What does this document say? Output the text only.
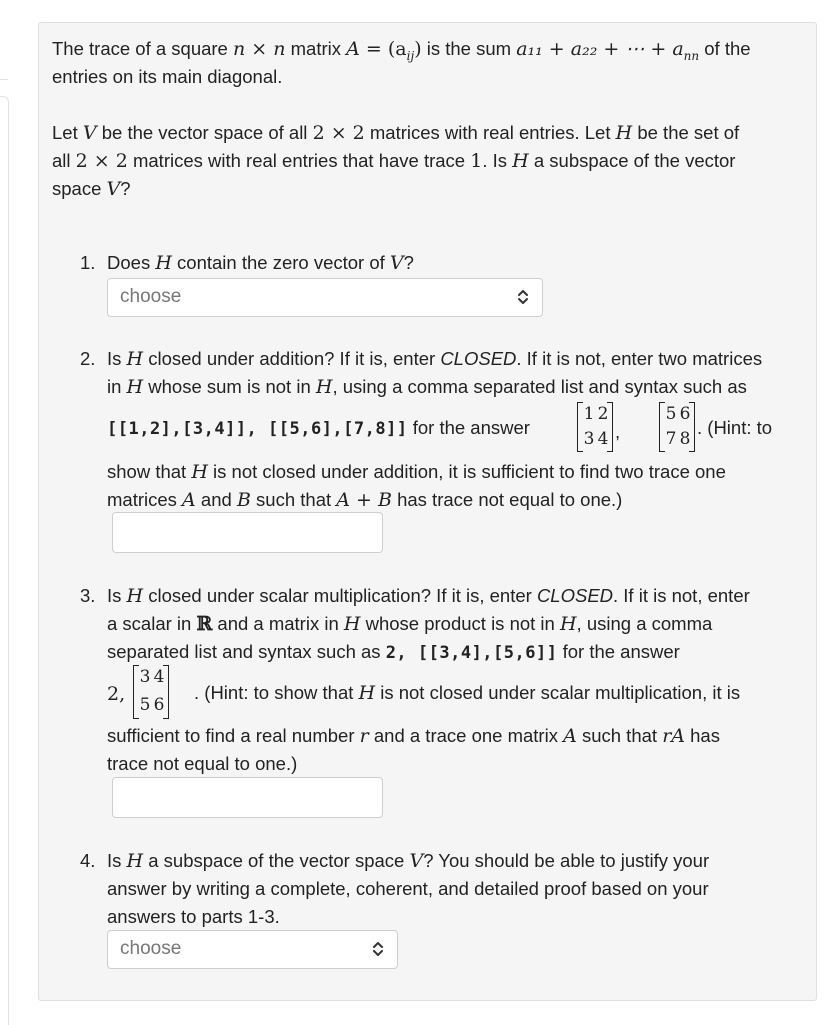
The trace of a square n × n matrix $A = (a_{ij})$ is the sum a₁₁ + a₂₂ + ⋯ + $a_{nn}$ of the
entries on its main diagonal.
Let V be the vector space of all 2 × 2 matrices with real entries. Let H be the set of
all 2 × 2 matrices with real entries that have trace 1. Is H a subspace of the vector
space V?
1. Does H contain the zero vector of V?
choose
2. Is H closed under addition? If it is, enter CLOSED. If it is not, enter two matrices
in H whose sum is not in H, using a comma separated list and syntax such as
[[1,2],[3,4]], [[5,6],[7,8]] for the answer
1 2
3 4 ,
5 6
7 8
. (Hint: to
show that H is not closed under addition, it is sufficient to find two trace one
matrices A and B such that A + B has trace not equal to one.)
3. Is H closed under scalar multiplication? If it is, enter CLOSED. If it is not, enter
a scalar in ℝ and a matrix in H whose product is not in H, using a comma
separated list and syntax such as 2, [[3,4],[5,6]] for the answer
2,
3 4
5 6
. (Hint: to show that H is not closed under scalar multiplication, it is
sufficient to find a real number r and a trace one matrix A such that rA has
trace not equal to one.)
4. Is H a subspace of the vector space V? You should be able to justify your
answer by writing a complete, coherent, and detailed proof based on your
answers to parts 1-3.
choose
